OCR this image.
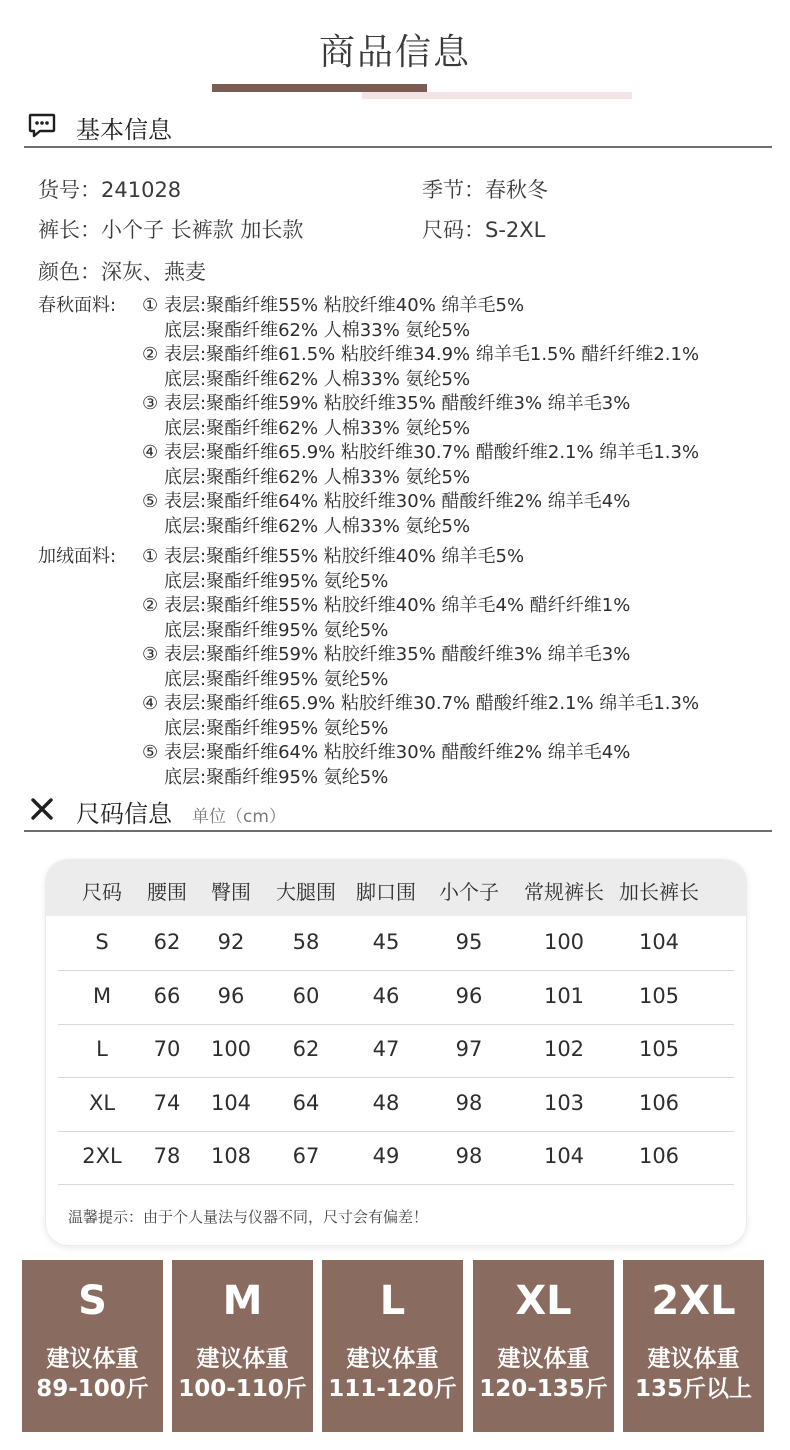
商品信息
基本信息
货号：241028	季节：春秋冬
裤长：小个子 长裤款 加长款	尺码：S-2XL
颜色：深灰、燕麦
春秋面料:	① 表层:聚酯纤维55% 粘胶纤维40% 绵羊毛5%
底层:聚酯纤维62% 人棉33% 氨纶5%
② 表层:聚酯纤维61.5% 粘胶纤维34.9% 绵羊毛1.5% 醋纤纤维2.1%
底层:聚酯纤维62% 人棉33% 氨纶5%
③ 表层:聚酯纤维59% 粘胶纤维35% 醋酸纤维3% 绵羊毛3%
底层:聚酯纤维62% 人棉33% 氨纶5%
④ 表层:聚酯纤维65.9% 粘胶纤维30.7% 醋酸纤维2.1% 绵羊毛1.3%
底层:聚酯纤维62% 人棉33% 氨纶5%
⑤ 表层:聚酯纤维64% 粘胶纤维30% 醋酸纤维2% 绵羊毛4%
底层:聚酯纤维62% 人棉33% 氨纶5%
加绒面料:	① 表层:聚酯纤维55% 粘胶纤维40% 绵羊毛5%
底层:聚酯纤维95% 氨纶5%
② 表层:聚酯纤维55% 粘胶纤维40% 绵羊毛4% 醋纤纤维1%
底层:聚酯纤维95% 氨纶5%
③ 表层:聚酯纤维59% 粘胶纤维35% 醋酸纤维3% 绵羊毛3%
底层:聚酯纤维95% 氨纶5%
④ 表层:聚酯纤维65.9% 粘胶纤维30.7% 醋酸纤维2.1% 绵羊毛1.3%
底层:聚酯纤维95% 氨纶5%
⑤ 表层:聚酯纤维64% 粘胶纤维30% 醋酸纤维2% 绵羊毛4%
底层:聚酯纤维95% 氨纶5%
尺码信息 单位（cm）
温馨提示：由于个人量法与仪器不同，尺寸会有偏差！
尺码 腰围 臀围 大腿围 脚口围 小个子 常规裤长 加长裤长
S 62 92 58	45	95	100	104
M 66 96 60	46	96	101	105
L 70 100 62	47	97	102	105
XL 74 104 64	48	98	103	106
2XL 78 108 67	49	98	104	106
S
建议体重
89-100斤
M
建议体重
100-110斤
L
建议体重
111-120斤
XL
建议体重
120-135斤
2XL
建议体重
135斤以上
